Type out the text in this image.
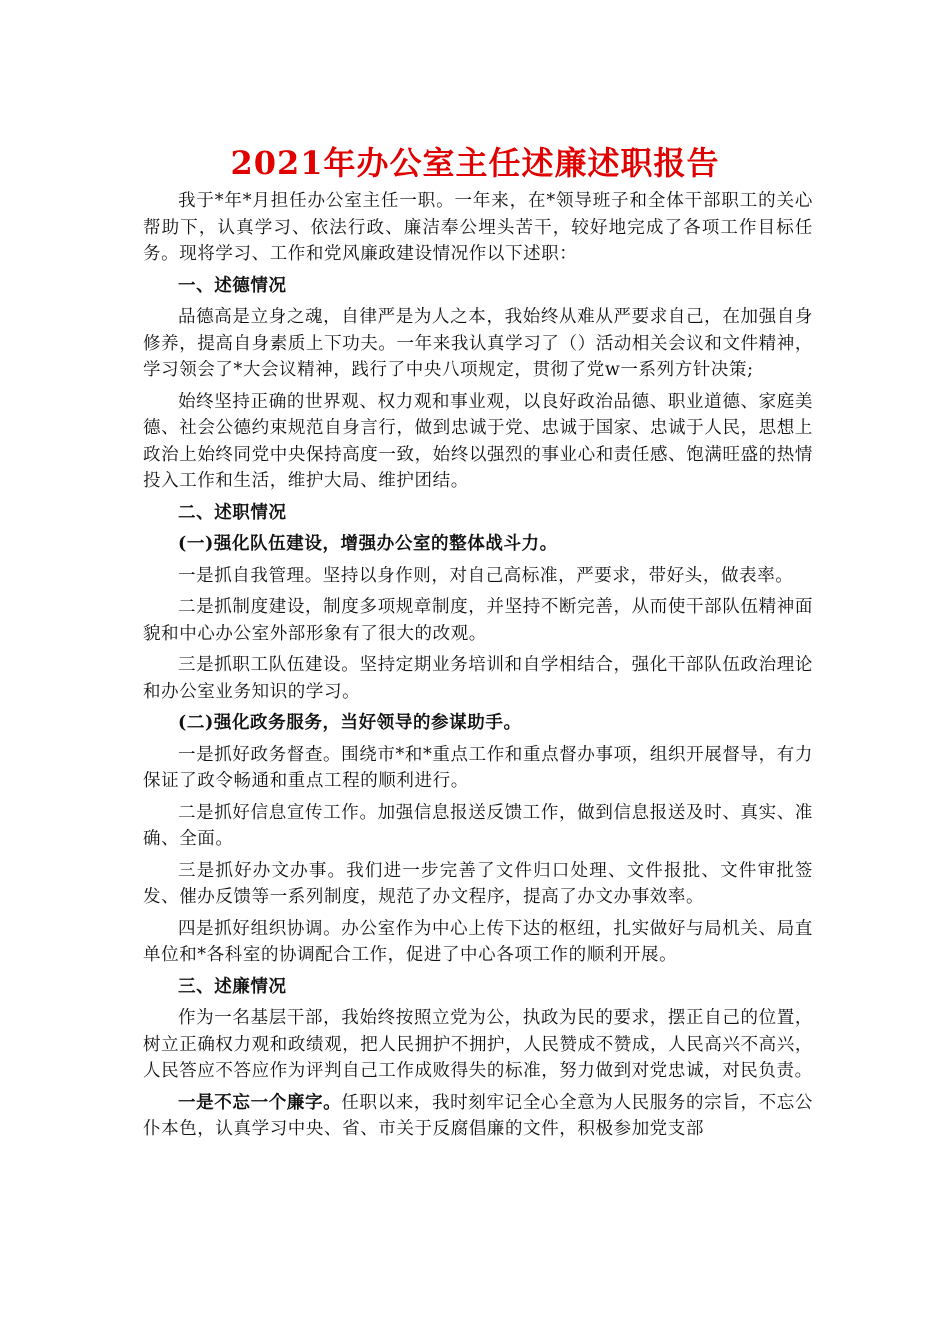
2021年办公室主任述廉述职报告

我于*年*月担任办公室主任一职。一年来，在*领导班子和全体干部职工的关心帮助下，认真学习、依法行政、廉洁奉公埋头苦干，较好地完成了各项工作目标任务。现将学习、工作和党风廉政建设情况作以下述职：

一、述德情况

品德高是立身之魂，自律严是为人之本，我始终从难从严要求自己，在加强自身修养，提高自身素质上下功夫。一年来我认真学习了（）活动相关会议和文件精神，学习领会了*大会议精神，践行了中央八项规定，贯彻了党w一系列方针决策;

始终坚持正确的世界观、权力观和事业观，以良好政治品德、职业道德、家庭美德、社会公德约束规范自身言行，做到忠诚于党、忠诚于国家、忠诚于人民，思想上政治上始终同党中央保持高度一致，始终以强烈的事业心和责任感、饱满旺盛的热情投入工作和生活，维护大局、维护团结。

二、述职情况

(一)强化队伍建设，增强办公室的整体战斗力。

一是抓自我管理。坚持以身作则，对自己高标准，严要求，带好头，做表率。

二是抓制度建设，制度多项规章制度，并坚持不断完善，从而使干部队伍精神面貌和中心办公室外部形象有了很大的改观。

三是抓职工队伍建设。坚持定期业务培训和自学相结合，强化干部队伍政治理论和办公室业务知识的学习。

(二)强化政务服务，当好领导的参谋助手。

一是抓好政务督查。围绕市*和*重点工作和重点督办事项，组织开展督导，有力保证了政令畅通和重点工程的顺利进行。

二是抓好信息宣传工作。加强信息报送反馈工作，做到信息报送及时、真实、准确、全面。

三是抓好办文办事。我们进一步完善了文件归口处理、文件报批、文件审批签发、催办反馈等一系列制度，规范了办文程序，提高了办文办事效率。

四是抓好组织协调。办公室作为中心上传下达的枢纽，扎实做好与局机关、局直单位和*各科室的协调配合工作，促进了中心各项工作的顺利开展。

三、述廉情况

作为一名基层干部，我始终按照立党为公，执政为民的要求，摆正自己的位置，树立正确权力观和政绩观，把人民拥护不拥护，人民赞成不赞成，人民高兴不高兴，人民答应不答应作为评判自己工作成败得失的标准，努力做到对党忠诚，对民负责。

一是不忘一个廉字。任职以来，我时刻牢记全心全意为人民服务的宗旨，不忘公仆本色，认真学习中央、省、市关于反腐倡廉的文件，积极参加党支部
